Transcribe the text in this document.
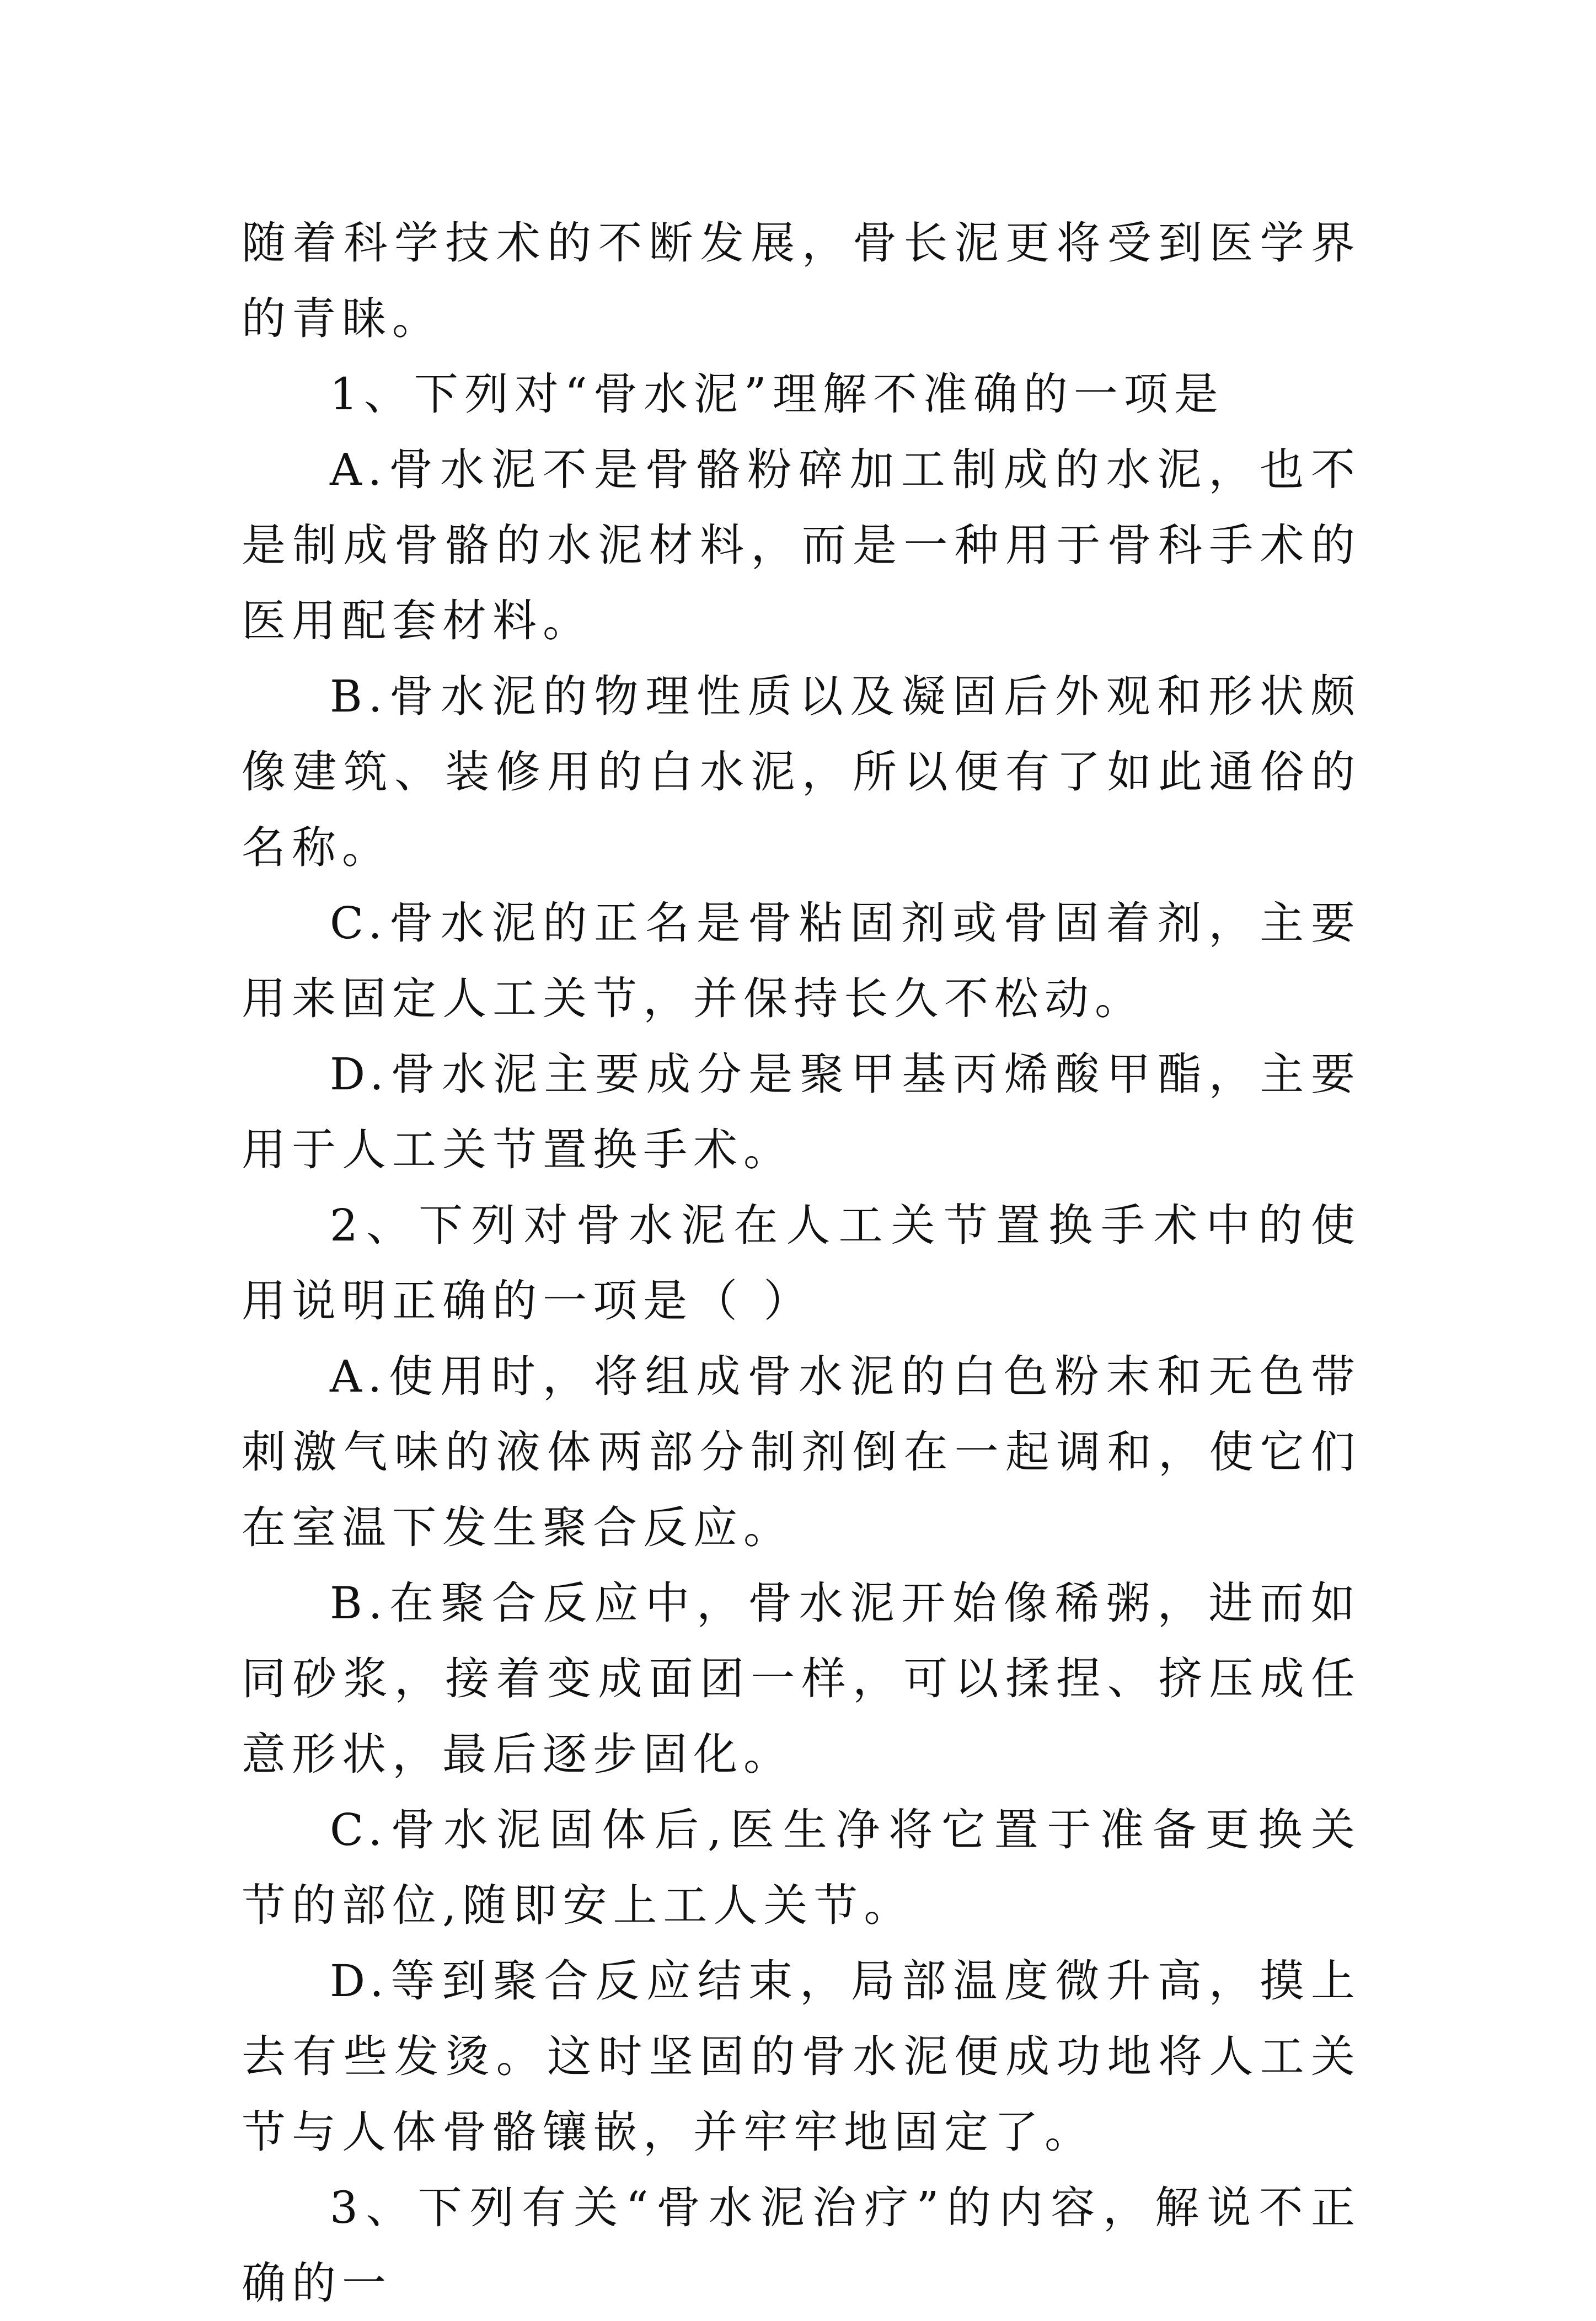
随着科学技术的不断发展，骨长泥更将受到医学界的青睐。

1、下列对“骨水泥”理解不准确的一项是

A.骨水泥不是骨骼粉碎加工制成的水泥，也不是制成骨骼的水泥材料，而是一种用于骨科手术的医用配套材料。

B.骨水泥的物理性质以及凝固后外观和形状颇像建筑、装修用的白水泥，所以便有了如此通俗的名称。

C.骨水泥的正名是骨粘固剂或骨固着剂，主要用来固定人工关节，并保持长久不松动。

D.骨水泥主要成分是聚甲基丙烯酸甲酯，主要用于人工关节置换手术。

2、下列对骨水泥在人工关节置换手术中的使用说明正确的一项是（ ）

A.使用时，将组成骨水泥的白色粉末和无色带刺激气味的液体两部分制剂倒在一起调和，使它们在室温下发生聚合反应。

B.在聚合反应中，骨水泥开始像稀粥，进而如同砂浆，接着变成面团一样，可以揉捏、挤压成任意形状，最后逐步固化。

C.骨水泥固体后,医生净将它置于准备更换关节的部位,随即安上工人关节。

D.等到聚合反应结束，局部温度微升高，摸上去有些发烫。这时坚固的骨水泥便成功地将人工关节与人体骨骼镶嵌，并牢牢地固定了。

3、下列有关“骨水泥治疗”的内容，解说不正确的一
